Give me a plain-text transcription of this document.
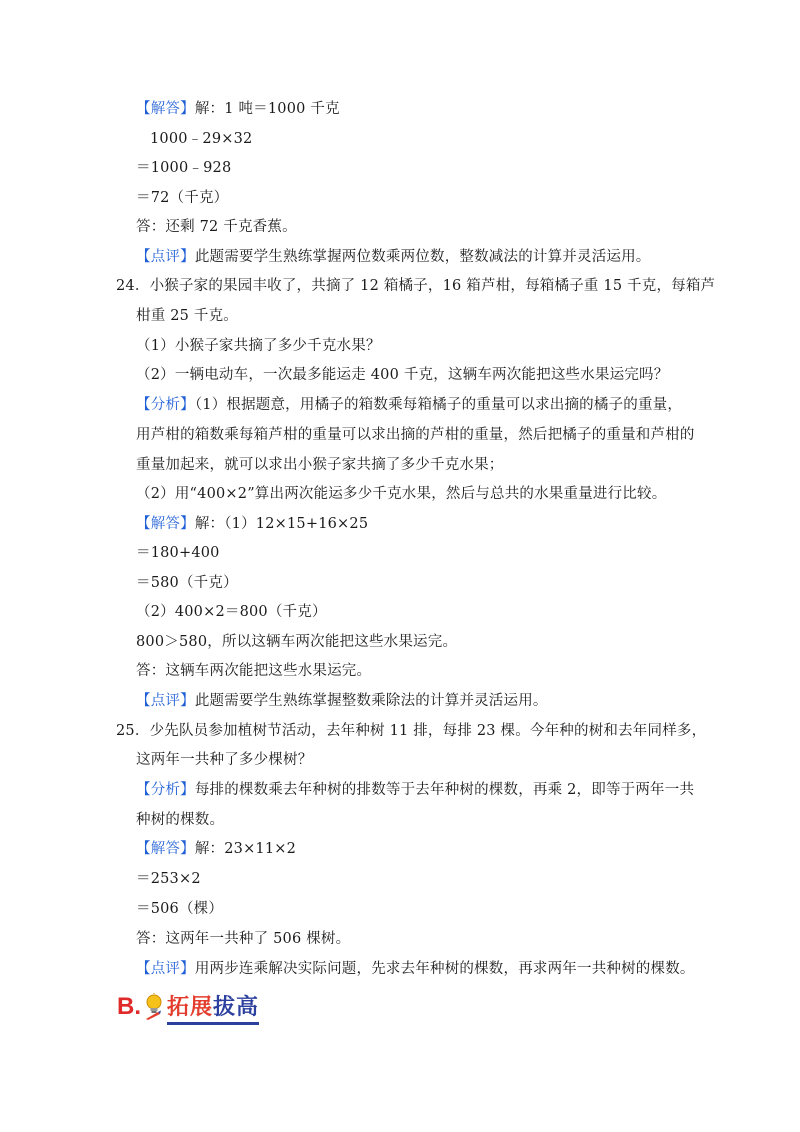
【解答】解：1 吨＝1000 千克
1000﹣29×32
＝1000﹣928
＝72（千克）
答：还剩 72 千克香蕉。
【点评】此题需要学生熟练掌握两位数乘两位数，整数减法的计算并灵活运用。
24．小猴子家的果园丰收了，共摘了 12 箱橘子，16 箱芦柑，每箱橘子重 15 千克，每箱芦
柑重 25 千克。
（1）小猴子家共摘了多少千克水果？
（2）一辆电动车，一次最多能运走 400 千克，这辆车两次能把这些水果运完吗？
【分析】（1）根据题意，用橘子的箱数乘每箱橘子的重量可以求出摘的橘子的重量，
用芦柑的箱数乘每箱芦柑的重量可以求出摘的芦柑的重量，然后把橘子的重量和芦柑的
重量加起来，就可以求出小猴子家共摘了多少千克水果；
（2）用“400×2”算出两次能运多少千克水果，然后与总共的水果重量进行比较。
【解答】解：（1）12×15+16×25
＝180+400
＝580（千克）
（2）400×2＝800（千克）
800＞580，所以这辆车两次能把这些水果运完。
答：这辆车两次能把这些水果运完。
【点评】此题需要学生熟练掌握整数乘除法的计算并灵活运用。
25．少先队员参加植树节活动，去年种树 11 排，每排 23 棵。今年种的树和去年同样多，
这两年一共种了多少棵树？
【分析】每排的棵数乘去年种树的排数等于去年种树的棵数，再乘 2，即等于两年一共
种树的棵数。
【解答】解：23×11×2
＝253×2
＝506（棵）
答：这两年一共种了 506 棵树。
【点评】用两步连乘解决实际问题，先求去年种树的棵数，再求两年一共种树的棵数。
B. 拓展拔高
